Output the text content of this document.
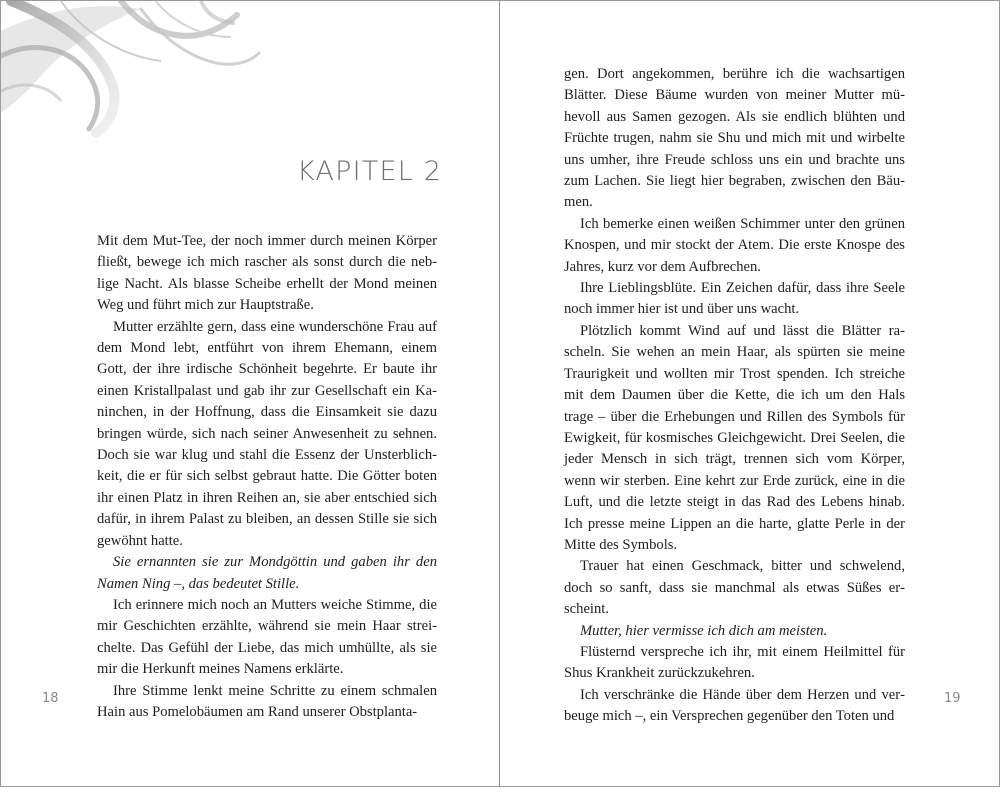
KAPITEL 2

Mit dem Mut-Tee, der noch immer durch meinen Körper fließt, bewege ich mich rascher als sonst durch die neblige Nacht. Als blasse Scheibe erhellt der Mond meinen Weg und führt mich zur Hauptstraße.

Mutter erzählte gern, dass eine wunderschöne Frau auf dem Mond lebt, entführt von ihrem Ehemann, einem Gott, der ihre irdische Schönheit begehrte. Er baute ihr einen Kristallpalast und gab ihr zur Gesellschaft ein Kaninchen, in der Hoffnung, dass die Einsamkeit sie dazu bringen würde, sich nach seiner Anwesenheit zu sehnen. Doch sie war klug und stahl die Essenz der Unsterblichkeit, die er für sich selbst gebraut hatte. Die Götter boten ihr einen Platz in ihren Reihen an, sie aber entschied sich dafür, in ihrem Palast zu bleiben, an dessen Stille sie sich gewöhnt hatte.

Sie ernannten sie zur Mondgöttin und gaben ihr den Namen Ning –, das bedeutet Stille.

Ich erinnere mich noch an Mutters weiche Stimme, die mir Geschichten erzählte, während sie mein Haar streichelte. Das Gefühl der Liebe, das mich umhüllte, als sie mir die Herkunft meines Namens erklärte.

Ihre Stimme lenkt meine Schritte zu einem schmalen Hain aus Pomelobäumen am Rand unserer Obstplanta-

18

gen. Dort angekommen, berühre ich die wachsartigen Blätter. Diese Bäume wurden von meiner Mutter mühevoll aus Samen gezogen. Als sie endlich blühten und Früchte trugen, nahm sie Shu und mich mit und wirbelte uns umher, ihre Freude schloss uns ein und brachte uns zum Lachen. Sie liegt hier begraben, zwischen den Bäumen.

Ich bemerke einen weißen Schimmer unter den grünen Knospen, und mir stockt der Atem. Die erste Knospe des Jahres, kurz vor dem Aufbrechen.

Ihre Lieblingsblüte. Ein Zeichen dafür, dass ihre Seele noch immer hier ist und über uns wacht.

Plötzlich kommt Wind auf und lässt die Blätter rascheln. Sie wehen an mein Haar, als spürten sie meine Traurigkeit und wollten mir Trost spenden. Ich streiche mit dem Daumen über die Kette, die ich um den Hals trage – über die Erhebungen und Rillen des Symbols für Ewigkeit, für kosmisches Gleichgewicht. Drei Seelen, die jeder Mensch in sich trägt, trennen sich vom Körper, wenn wir sterben. Eine kehrt zur Erde zurück, eine in die Luft, und die letzte steigt in das Rad des Lebens hinab. Ich presse meine Lippen an die harte, glatte Perle in der Mitte des Symbols.

Trauer hat einen Geschmack, bitter und schwelend, doch so sanft, dass sie manchmal als etwas Süßes erscheint.

Mutter, hier vermisse ich dich am meisten.

Flüsternd verspreche ich ihr, mit einem Heilmittel für Shus Krankheit zurückzukehren.

Ich verschränke die Hände über dem Herzen und verbeuge mich –, ein Versprechen gegenüber den Toten und

19
